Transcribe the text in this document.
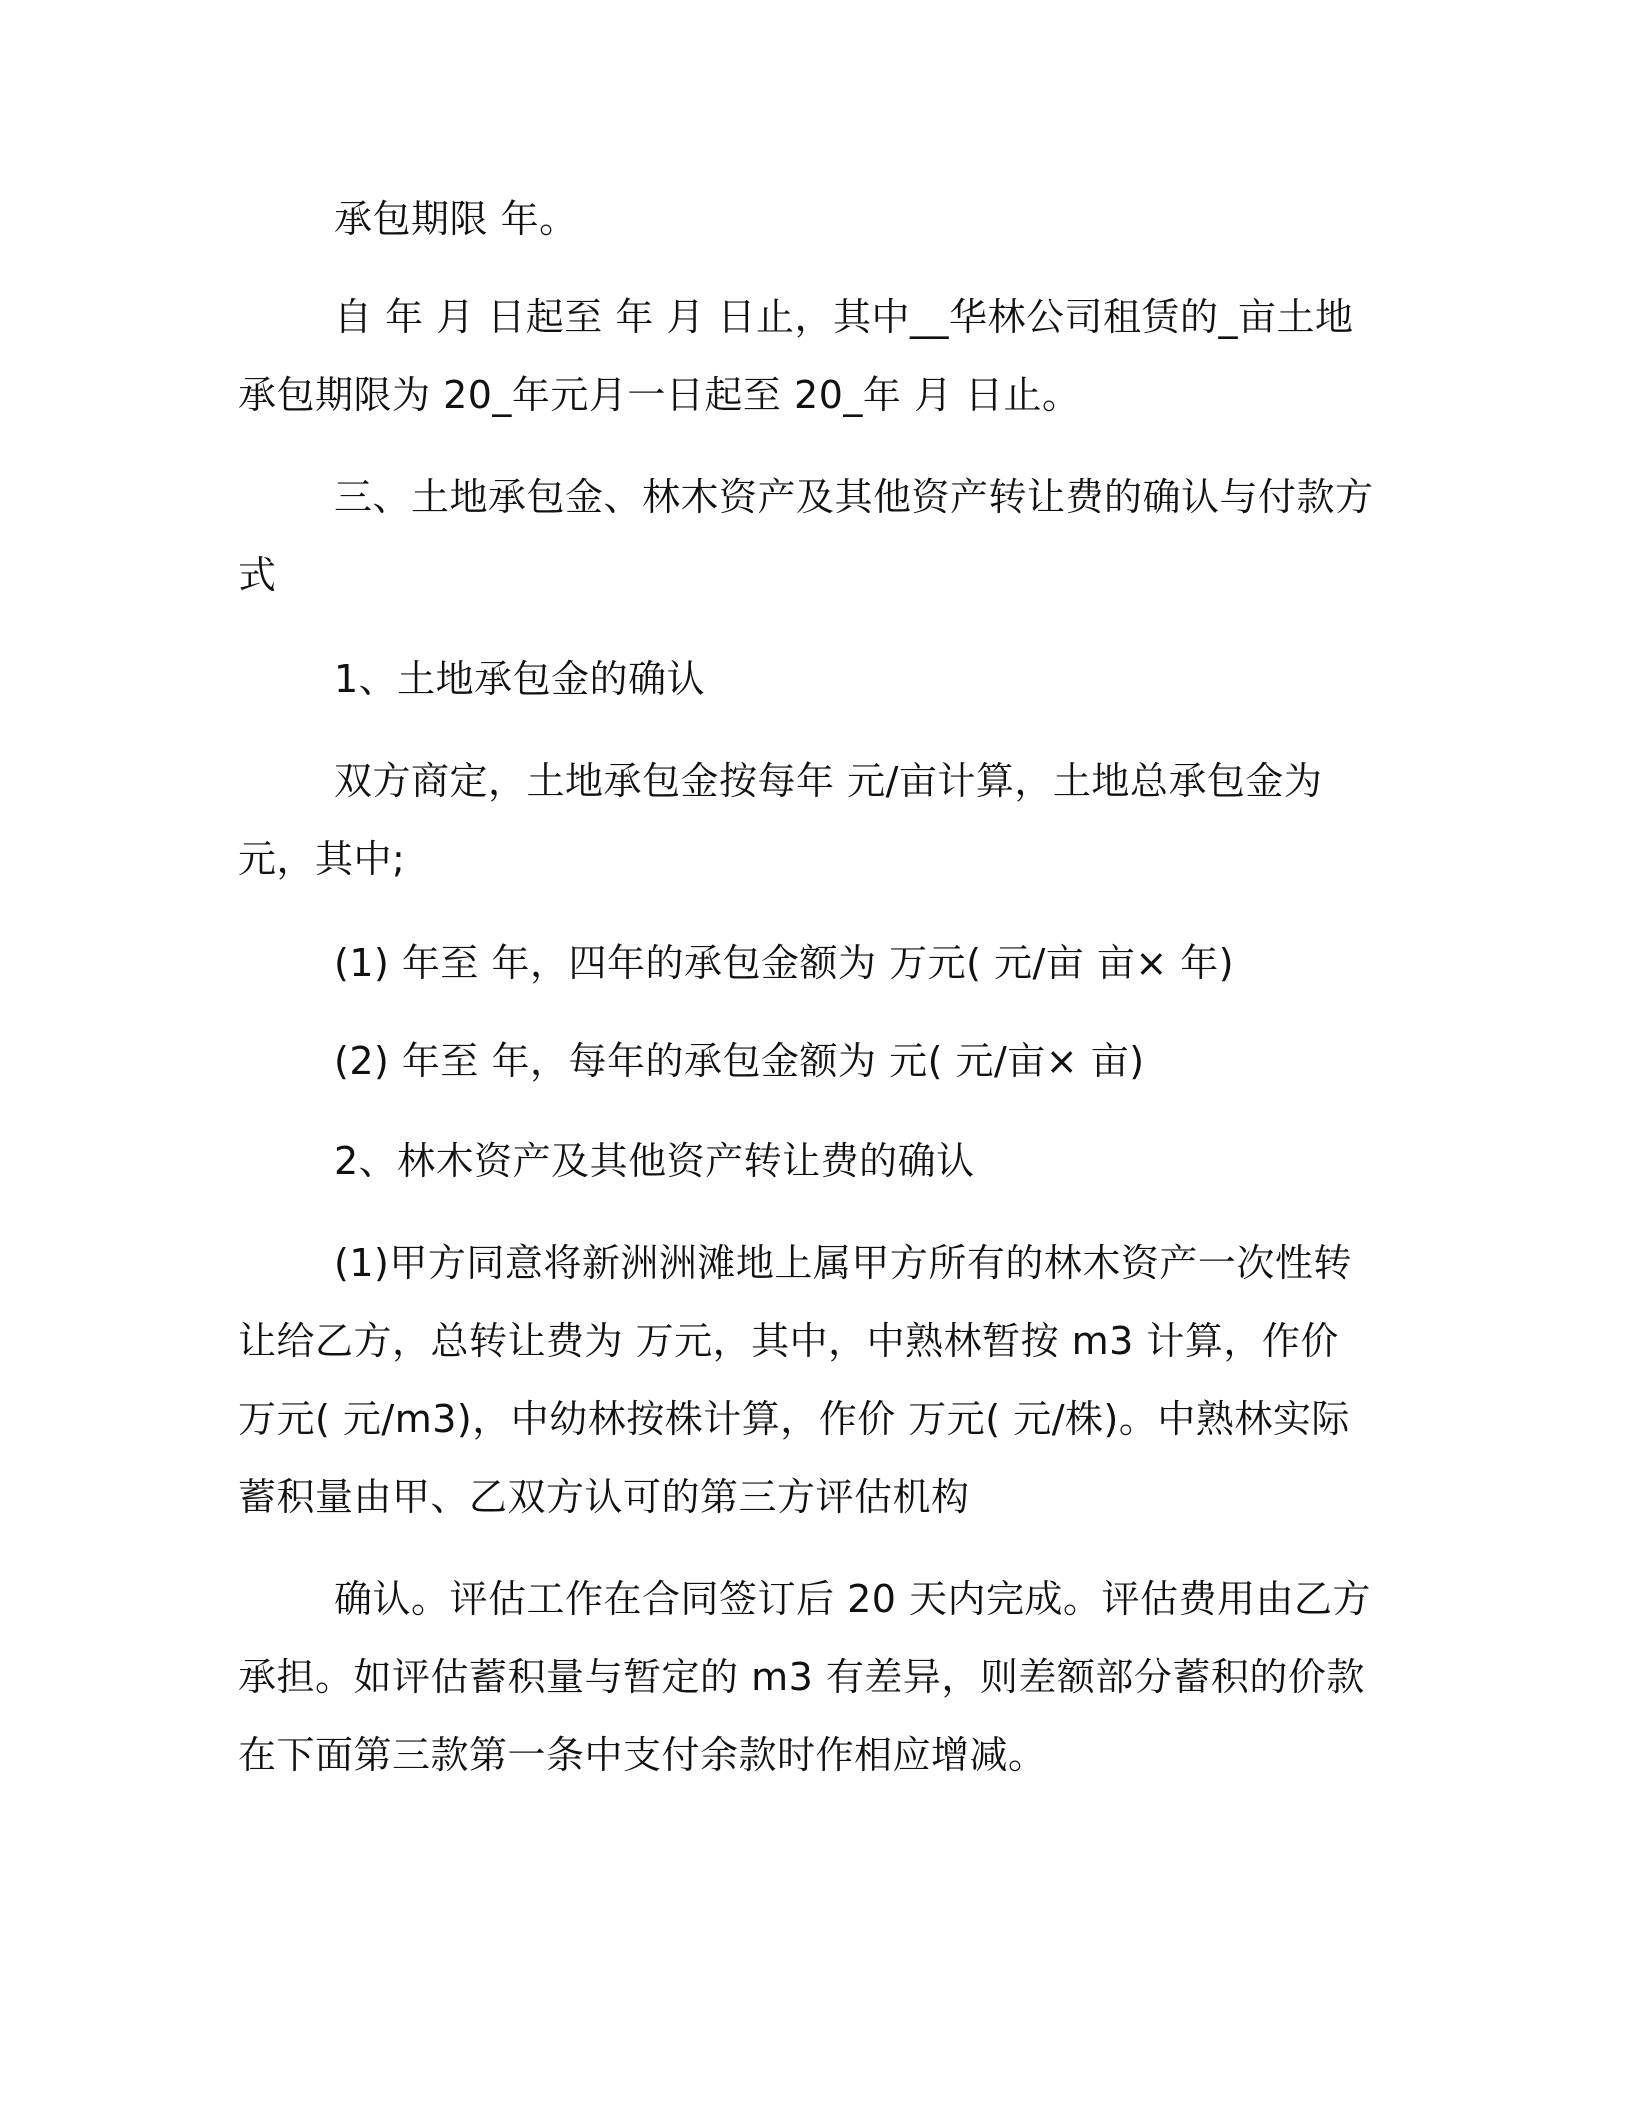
承包期限 年。

自 年 月 日起至 年 月 日止，其中__华林公司租赁的_亩土地承包期限为 20_年元月一日起至 20_年 月 日止。

三、土地承包金、林木资产及其他资产转让费的确认与付款方式

1、土地承包金的确认

双方商定，土地承包金按每年 元/亩计算，土地总承包金为 元，其中;

(1) 年至 年，四年的承包金额为 万元( 元/亩 亩× 年)

(2) 年至 年，每年的承包金额为 元( 元/亩× 亩)

2、林木资产及其他资产转让费的确认

(1)甲方同意将新洲洲滩地上属甲方所有的林木资产一次性转让给乙方，总转让费为 万元，其中，中熟林暂按 m3 计算，作价 万元( 元/m3)，中幼林按株计算，作价 万元( 元/株)。中熟林实际蓄积量由甲、乙双方认可的第三方评估机构

确认。评估工作在合同签订后 20 天内完成。评估费用由乙方承担。如评估蓄积量与暂定的 m3 有差异，则差额部分蓄积的价款在下面第三款第一条中支付余款时作相应增减。
